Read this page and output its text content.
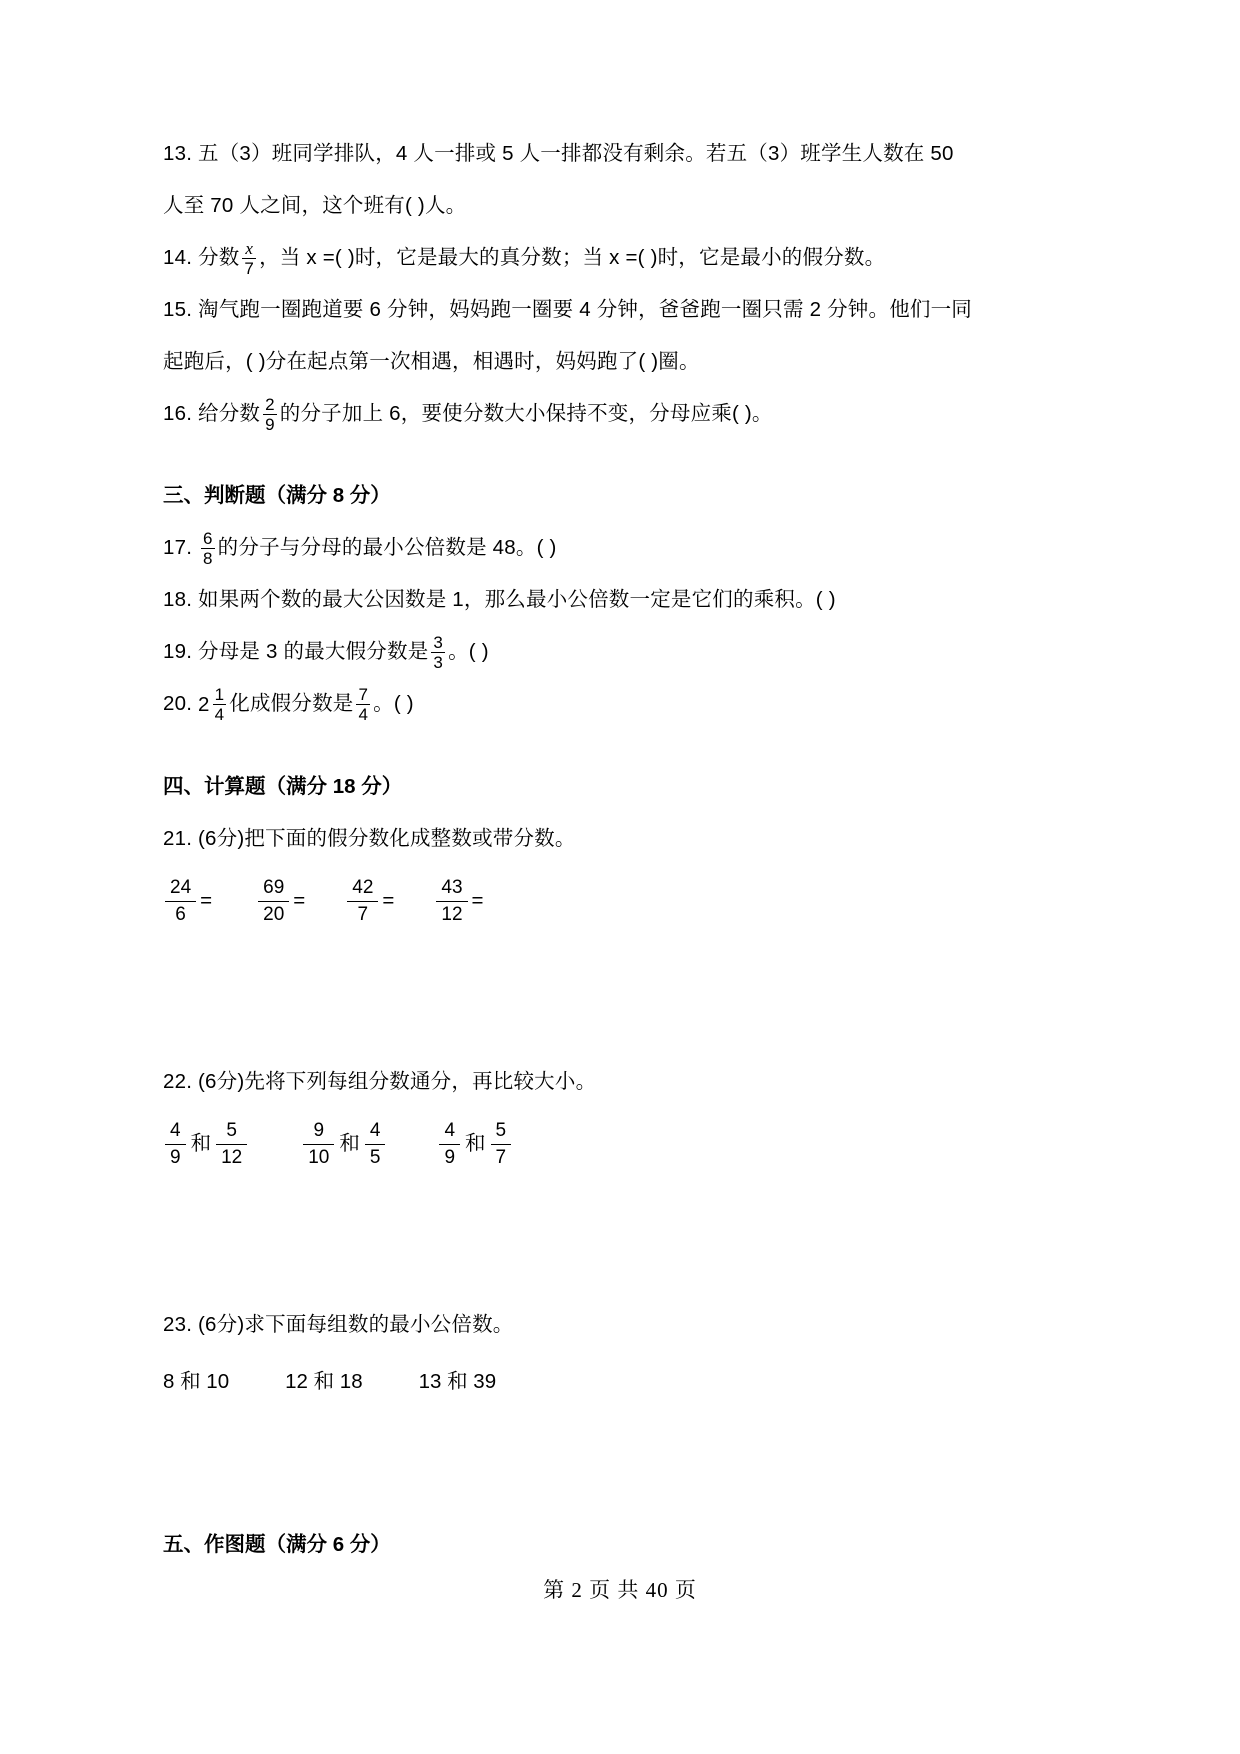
13. 五（3）班同学排队，4 人一排或 5 人一排都没有剩余。若五（3）班学生人数在 50
人至 70 人之间，这个班有( )人。
14. 分数 $\frac{x}{7}$ ，当 x =( )时，它是最大的真分数；当 x =( )时，它是最小的假分数。
15. 淘气跑一圈跑道要 6 分钟，妈妈跑一圈要 4 分钟，爸爸跑一圈只需 2 分钟。他们一同
起跑后，( )分在起点第一次相遇，相遇时，妈妈跑了( )圈。
16. 给分数 $\frac{2}{9}$ 的分子加上 6，要使分数大小保持不变，分母应乘( )。
三、判断题（满分 8 分）
17. $\frac{6}{8}$ 的分子与分母的最小公倍数是 48。( )
18. 如果两个数的最大公因数是 1，那么最小公倍数一定是它们的乘积。( )
19. 分母是 3 的最大假分数是 $\frac{3}{3}$ 。( )
20. $2 \frac{1}{4}$ 化成假分数是 $\frac{7}{4}$ 。( )
四、计算题（满分 18 分）
21. (6分)把下面的假分数化成整数或带分数。
$\frac{24}{6} = \frac{69}{20} = \frac{42}{7} = \frac{43}{12}$ =
22. (6分)先将下列每组分数通分，再比较大小。
$\frac{4}{9}$ 和 $\frac{5}{12}$	$\frac{9}{10}$ 和 $\frac{4}{5}$	$\frac{4}{9}$ 和 $\frac{5}{7}$
23. (6分)求下面每组数的最小公倍数。
8 和 10	12 和 18	13 和 39
五、作图题（满分 6 分）
第 2 页 共 40 页
